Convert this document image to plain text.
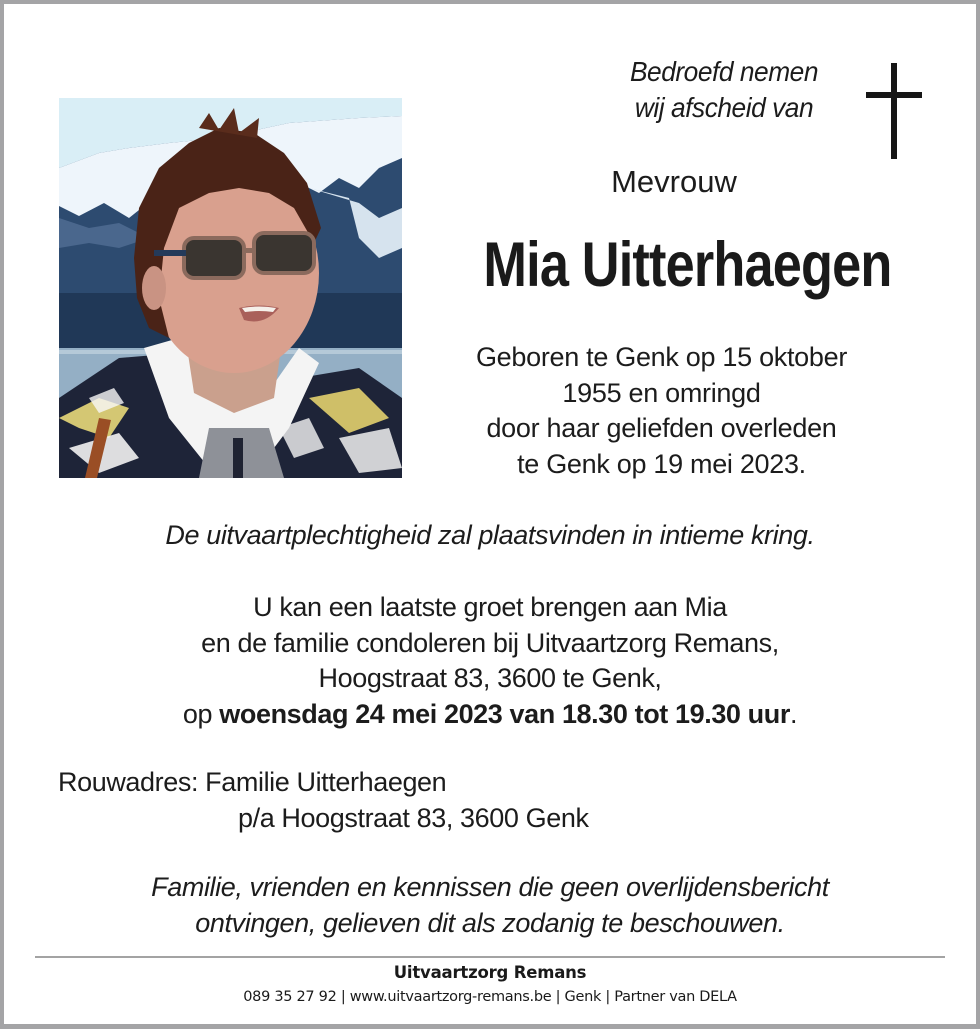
Bedroefd nemen
wij afscheid van
Mevrouw
Mia Uitterhaegen
Geboren te Genk op 15 oktober
1955 en omringd
door haar geliefden overleden
te Genk op 19 mei 2023.
De uitvaartplechtigheid zal plaatsvinden in intieme kring.
U kan een laatste groet brengen aan Mia
en de familie condoleren bij Uitvaartzorg Remans,
Hoogstraat 83, 3600 te Genk,
op woensdag 24 mei 2023 van 18.30 tot 19.30 uur.
Rouwadres: Familie Uitterhaegen
p/a Hoogstraat 83, 3600 Genk
Familie, vrienden en kennissen die geen overlijdensbericht
ontvingen, gelieven dit als zodanig te beschouwen.
Uitvaartzorg Remans
089 35 27 92 | www.uitvaartzorg-remans.be | Genk | Partner van DELA
